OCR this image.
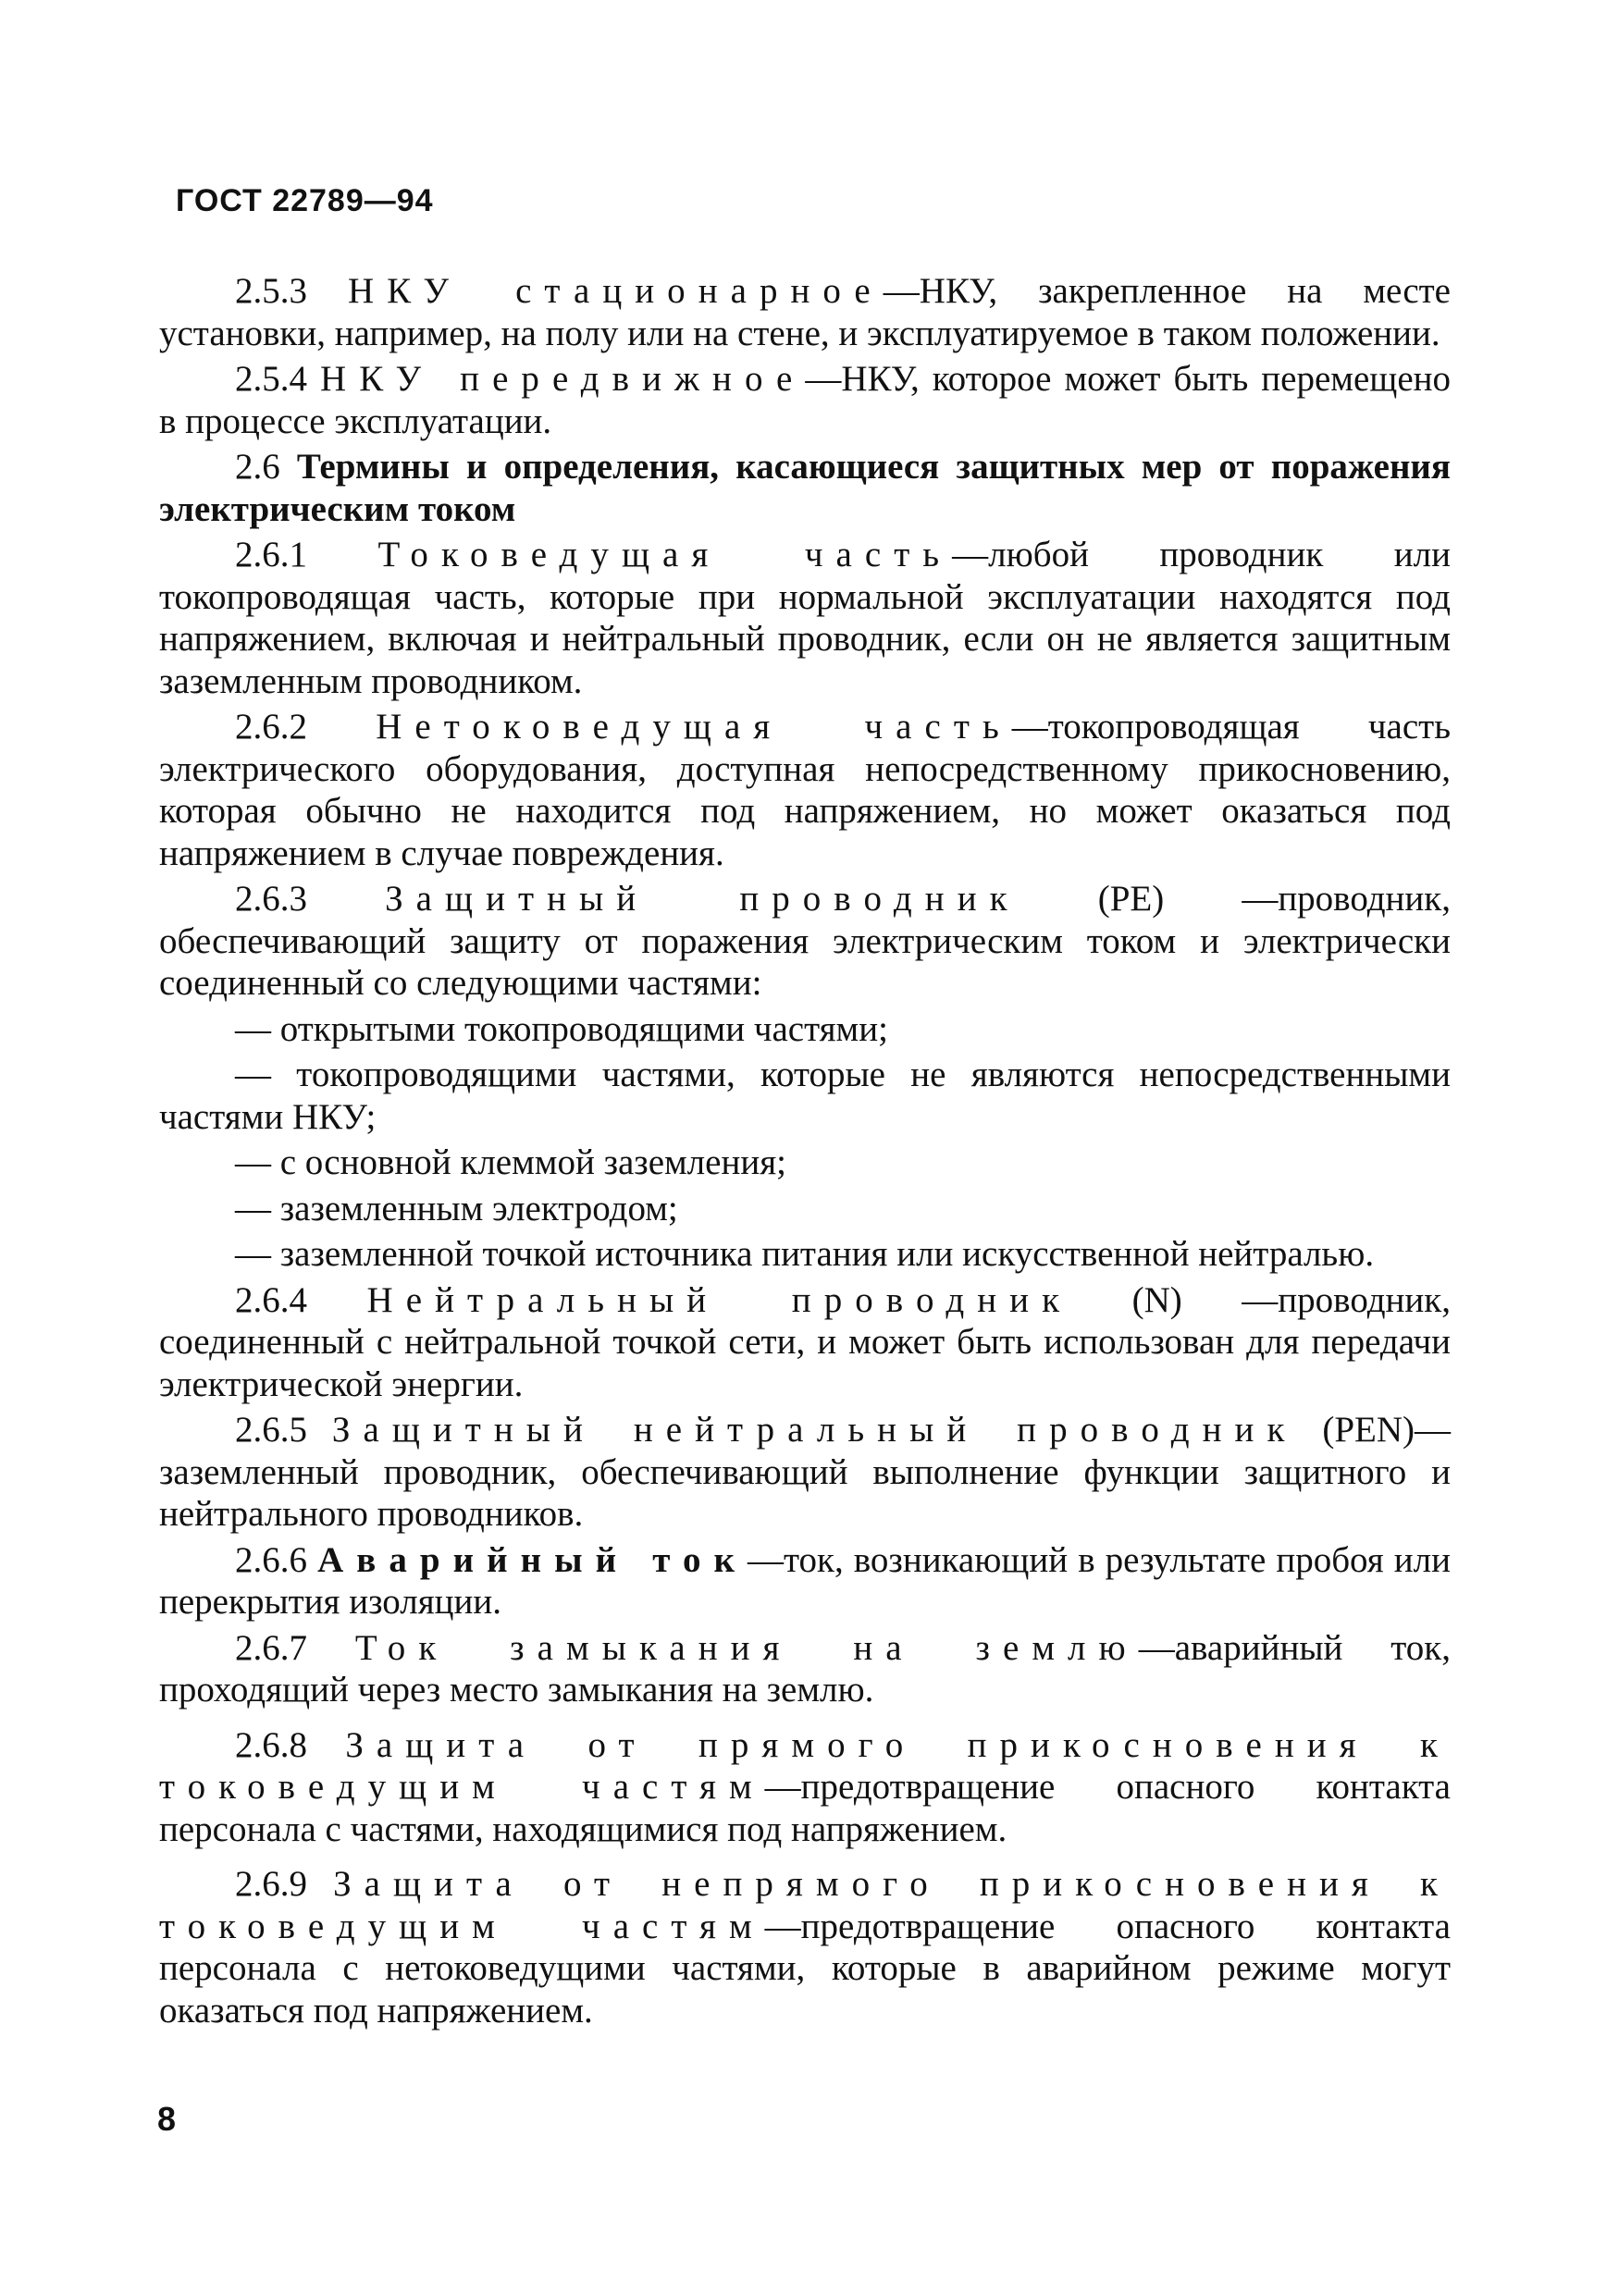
ГОСТ 22789—94

2.5.3 НКУ стационарное—НКУ, закрепленное на месте установки, например, на полу или на стене, и эксплуатируемое в таком положении.

2.5.4 НКУ передвижное—НКУ, которое может быть перемещено в процессе эксплуатации.

2.6 Термины и определения, касающиеся защитных мер от поражения электрическим током

2.6.1 Токоведущая часть—любой проводник или токопроводящая часть, которые при нормальной эксплуатации находятся под напряжением, включая и нейтральный проводник, если он не является защитным заземленным проводником.

2.6.2 Нетоковедущая часть—токопроводящая часть электрического оборудования, доступная непосредственному прикосновению, которая обычно не находится под напряжением, но может оказаться под напряжением в случае повреждения.

2.6.3 Защитный проводник (PE) —проводник, обеспечивающий защиту от поражения электрическим током и электрически соединенный со следующими частями:

— открытыми токопроводящими частями;

— токопроводящими частями, которые не являются непосредственными частями НКУ;

— с основной клеммой заземления;

— заземленным электродом;

— заземленной точкой источника питания или искусственной нейтралью.

2.6.4 Нейтральный проводник (N) —проводник, соединенный с нейтральной точкой сети, и может быть использован для передачи электрической энергии.

2.6.5 Защитный нейтральный проводник (PEN)—заземленный проводник, обеспечивающий выполнение функции защитного и нейтрального проводников.

2.6.6 Аварийный ток—ток, возникающий в результате пробоя или перекрытия изоляции.

2.6.7 Ток замыкания на землю—аварийный ток, проходящий через место замыкания на землю.

2.6.8 Защита от прямого прикосновения к токоведущим частям—предотвращение опасного контакта персонала с частями, находящимися под напряжением.

2.6.9 Защита от непрямого прикосновения к токоведущим частям—предотвращение опасного контакта персонала с нетоковедущими частями, которые в аварийном режиме могут оказаться под напряжением.

8
